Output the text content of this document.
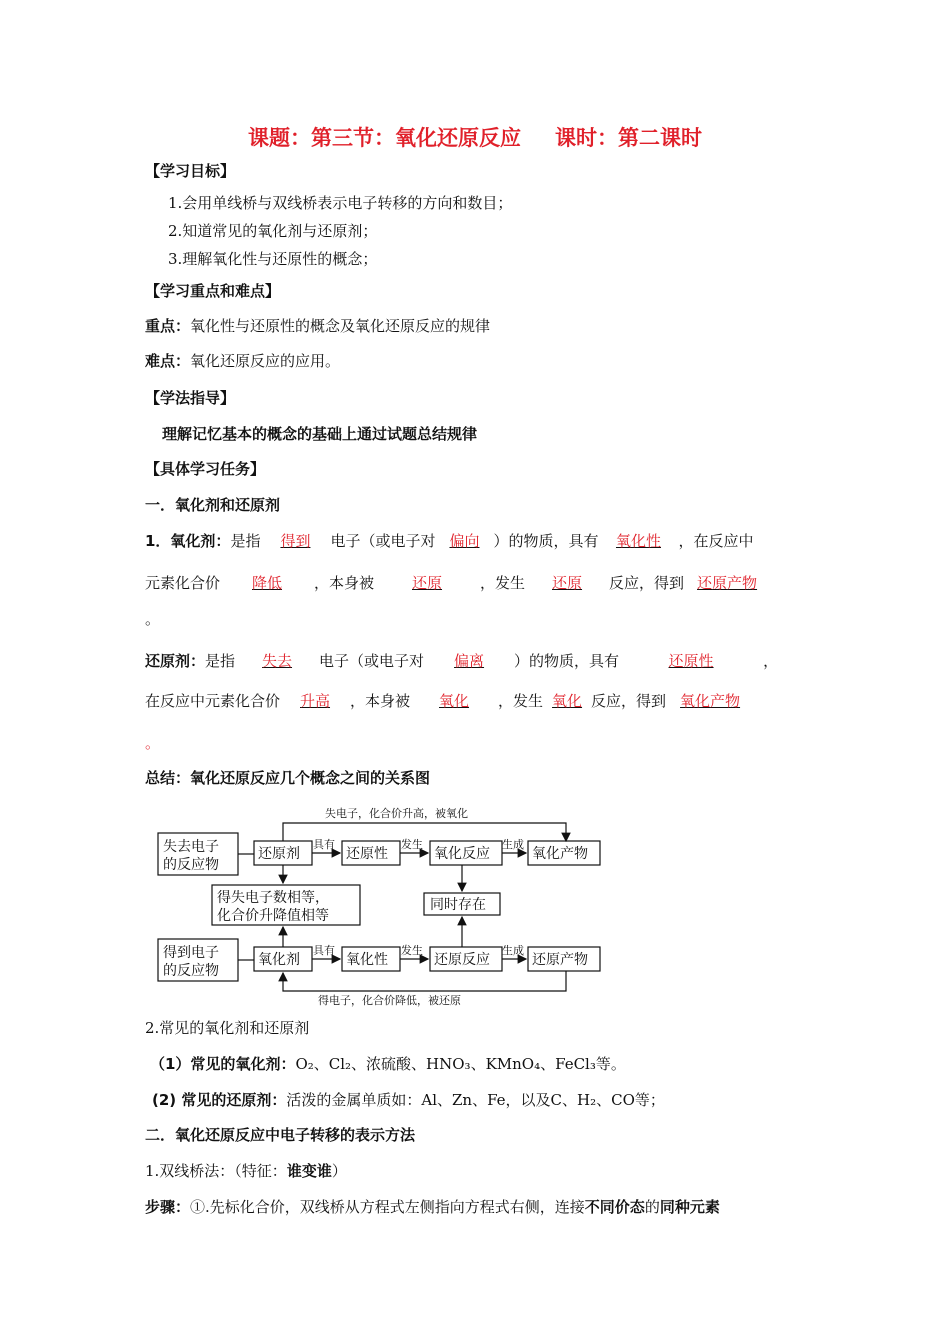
课题：第三节：氧化还原反应 课时：第二课时
【学习目标】
1.会用单线桥与双线桥表示电子转移的方向和数目；
2.知道常见的氧化剂与还原剂；
3.理解氧化性与还原性的概念；
【学习重点和难点】
重点：氧化性与还原性的概念及氧化还原反应的规律
难点：氧化还原反应的应用。
【学法指导】
理解记忆基本的概念的基础上通过试题总结规律
【具体学习任务】
一．氧化剂和还原剂
1．氧化剂：是指 得到 电子（或电子对 偏向 ）的物质，具有 氧化性 ，在反应中
元素化合价 降低 ，本身被	还原	，发生 还原 反应，得到 还原产物
。
还原剂：是指 失去 电子（或电子对 偏离 ）的物质，具有	还原性	，
在反应中元素化合价 升高 ，本身被 氧化 ，发生 氧化 反应，得到 氧化产物
。
总结：氧化还原反应几个概念之间的关系图
失电子，化合价升高，被氧化
失去电子
的反应物
还原剂
具有
还原性
发生
氧化反应
生成
氧化产物
得失电子数相等，
化合价升降值相等
同时存在
得到电子
的反应物
氧化剂
具有
氧化性
发生
还原反应
生成
还原产物
得电子，化合价降低，被还原
2.常见的氧化剂和还原剂
（1）常见的氧化剂：O₂、Cl₂、浓硫酸、HNO₃、KMnO₄、FeCl₃等。
(2) 常见的还原剂：活泼的金属单质如：Al、Zn、Fe，以及C、H₂、CO等；
二．氧化还原反应中电子转移的表示方法
1.双线桥法：（特征：谁变谁）
步骤：①.先标化合价，双线桥从方程式左侧指向方程式右侧，连接不同价态的同种元素
